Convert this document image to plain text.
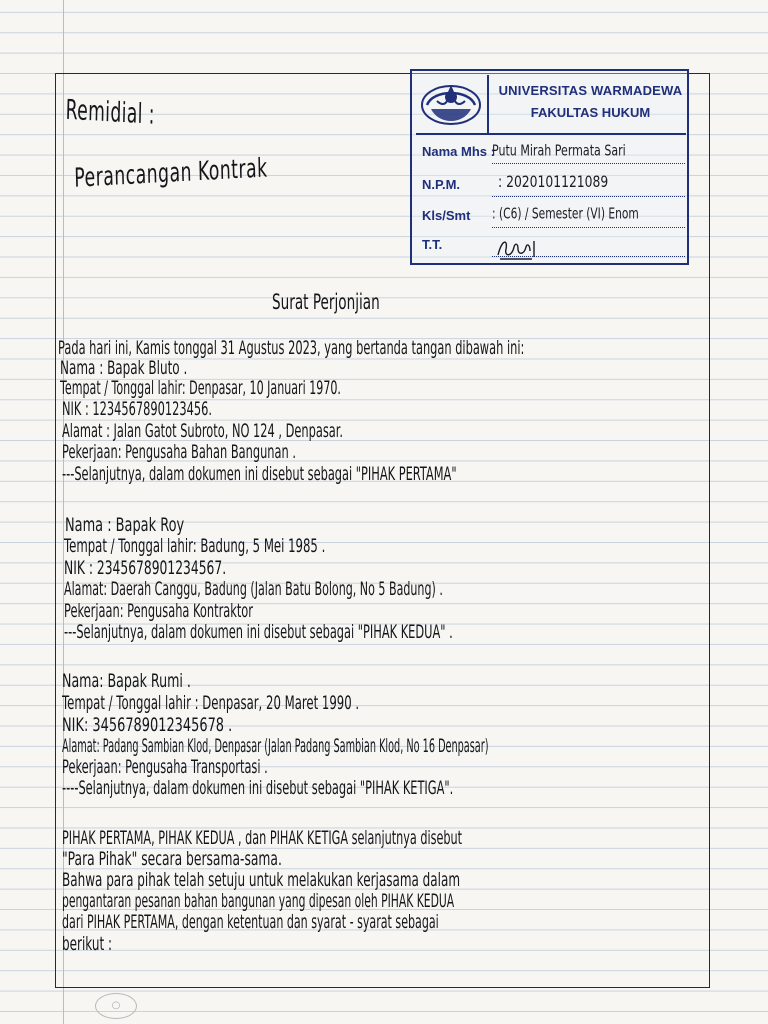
Remidial :
Perancangan Kontrak
UNIVERSITAS WARMADEWA
FAKULTAS HUKUM
Nama Mhs :
Putu Mirah Permata Sari
N.P.M.	: 2020101121089
Kls/Smt : (C6) / Semester (VI) Enom
T.T.
Surat Perjonjian
Pada hari ini, Kamis tonggal 31 Agustus 2023, yang bertanda tangan dibawah ini:
Nama : Bapak Bluto .
Tempat / Tonggal lahir: Denpasar, 10 Januari 1970.
NIK : 1234567890123456.
Alamat : Jalan Gatot Subroto, NO 124 , Denpasar.
Pekerjaan: Pengusaha Bahan Bangunan .
---Selanjutnya, dalam dokumen ini disebut sebagai "PIHAK PERTAMA"
Nama : Bapak Roy
Tempat / Tonggal lahir: Badung, 5 Mei 1985 .
NIK : 2345678901234567.
Alamat: Daerah Canggu, Badung (Jalan Batu Bolong, No 5 Badung) .
Pekerjaan: Pengusaha Kontraktor
---Selanjutnya, dalam dokumen ini disebut sebagai "PIHAK KEDUA" .
Nama: Bapak Rumi .
Tempat / Tonggal lahir : Denpasar, 20 Maret 1990 .
NIK: 3456789012345678 .
Alamat: Padang Sambian Klod, Denpasar (Jalan Padang Sambian Klod, No 16 Denpasar)
Pekerjaan: Pengusaha Transportasi .
----Selanjutnya, dalam dokumen ini disebut sebagai "PIHAK KETIGA".
PIHAK PERTAMA, PIHAK KEDUA , dan PIHAK KETIGA selanjutnya disebut
"Para Pihak" secara bersama-sama.
Bahwa para pihak telah setuju untuk melakukan kerjasama dalam
pengantaran pesanan bahan bangunan yang dipesan oleh PIHAK KEDUA
dari PIHAK PERTAMA, dengan ketentuan dan syarat - syarat sebagai
berikut :
○
